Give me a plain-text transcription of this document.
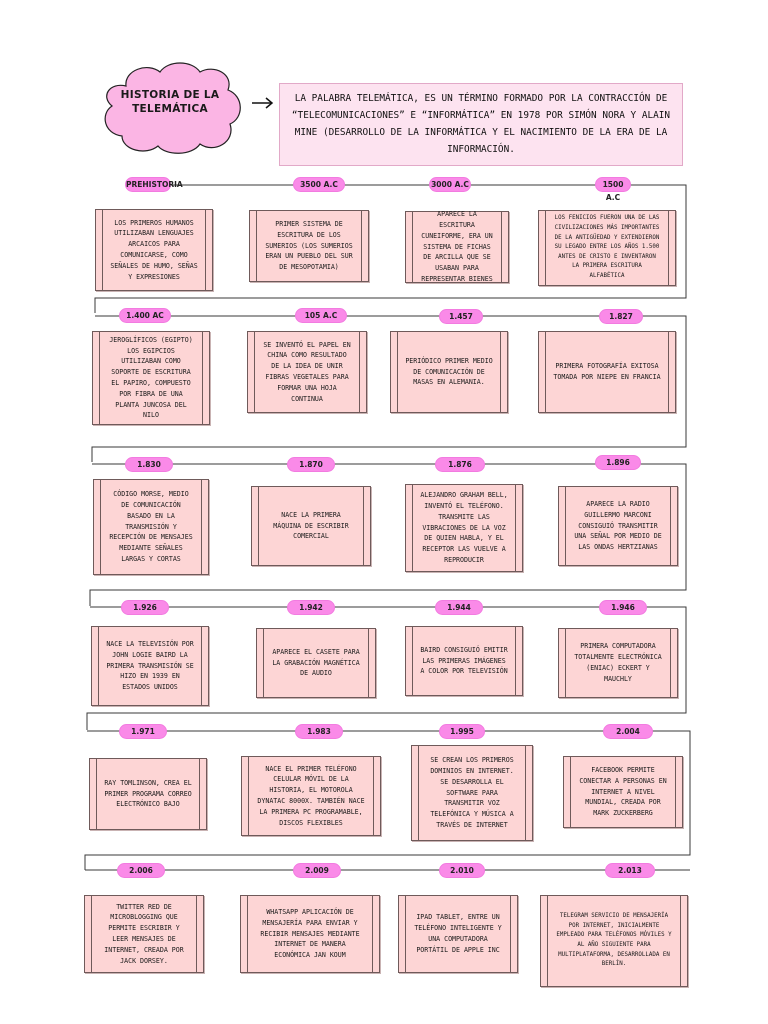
HISTORIA DE LA TELEMÁTICA
LA PALABRA TELEMÁTICA, ES UN TÉRMINO FORMADO POR LA CONTRACCIÓN DE “TELECOMUNICACIONES” E “INFORMÁTICA” EN 1978 POR SIMÓN NORA Y ALAIN MINE (DESARROLLO DE LA INFORMÁTICA Y EL NACIMIENTO DE LA ERA DE LA INFORMACIÓN.
PREHISTORIA	3500 A.C	3000 A.C	1500 A.C
LOS PRIMEROS HUMANOS UTILIZABAN LENGUAJES ARCAICOS PARA COMUNICARSE, COMO SEÑALES DE HUMO, SEÑAS Y EXPRESIONES
PRIMER SISTEMA DE ESCRITURA DE LOS SUMERIOS (LOS SUMERIOS ERAN UN PUEBLO DEL SUR DE MESOPOTAMIA)
APARECE LA ESCRITURA CUNEIFORME, ERA UN SISTEMA DE FICHAS DE ARCILLA QUE SE USABAN PARA REPRESENTAR BIENES
LOS FENICIOS FUERON UNA DE LAS CIVILIZACIONES MÁS IMPORTANTES DE LA ANTIGÜEDAD Y EXTENDIERON SU LEGADO ENTRE LOS AÑOS 1.500 ANTES DE CRISTO E INVENTARON LA PRIMERA ESCRITURA ALFABÉTICA
1.400 AC	105 A.C	1.457	1.827
JEROGLÍFICOS (EGIPTO) LOS EGIPCIOS UTILIZABAN COMO SOPORTE DE ESCRITURA EL PAPIRO, COMPUESTO POR FIBRA DE UNA PLANTA JUNCOSA DEL NILO
SE INVENTÓ EL PAPEL EN CHINA COMO RESULTADO DE LA IDEA DE UNIR FIBRAS VEGETALES PARA FORMAR UNA HOJA CONTINUA
PERIÓDICO PRIMER MEDIO DE COMUNICACIÓN DE MASAS EN ALEMANIA.
PRIMERA FOTOGRAFÍA EXITOSA TOMADA POR NIEPE EN FRANCIA
1.830	1.870	1.876	1.896
CÓDIGO MORSE, MEDIO DE COMUNICACIÓN BASADO EN LA TRANSMISIÓN Y RECEPCIÓN DE MENSAJES MEDIANTE SEÑALES LARGAS Y CORTAS
NACE LA PRIMERA MÁQUINA DE ESCRIBIR COMERCIAL
ALEJANDRO GRAHAM BELL, INVENTÓ EL TELÉFONO. TRANSMITE LAS VIBRACIONES DE LA VOZ DE QUIEN HABLA, Y EL RECEPTOR LAS VUELVE A REPRODUCIR
APARECE LA RADIO GUILLERMO MARCONI CONSIGUIÓ TRANSMITIR UNA SEÑAL POR MEDIO DE LAS ONDAS HERTZIANAS
1.926	1.942	1.944	1.946
NACE LA TELEVISIÓN POR JOHN LOGIE BAIRD LA PRIMERA TRANSMISIÓN SE HIZO EN 1939 EN ESTADOS UNIDOS
APARECE EL CASETE PARA LA GRABACIÓN MAGNÉTICA DE AUDIO
BAIRD CONSIGUIÓ EMITIR LAS PRIMERAS IMÁGENES A COLOR POR TELEVISIÓN
PRIMERA COMPUTADORA TOTALMENTE ELECTRÓNICA (ENIAC) ECKERT Y MAUCHLY
1.971	1.983	1.995	2.004
RAY TOMLINSON, CREA EL PRIMER PROGRAMA CORREO ELECTRÓNICO BAJO
NACE EL PRIMER TELÉFONO CELULAR MÓVIL DE LA HISTORIA, EL MOTOROLA DYNATAC 8000X. TAMBIÉN NACE LA PRIMERA PC PROGRAMABLE, DISCOS FLEXIBLES
SE CREAN LOS PRIMEROS DOMINIOS EN INTERNET. SE DESARROLLA EL SOFTWARE PARA TRANSMITIR VOZ TELEFÓNICA Y MÚSICA A TRAVÉS DE INTERNET
FACEBOOK PERMITE CONECTAR A PERSONAS EN INTERNET A NIVEL MUNDIAL, CREADA POR MARK ZUCKERBERG
2.006	2.009	2.010	2.013
TWITTER RED DE MICROBLOGGING QUE PERMITE ESCRIBIR Y LEER MENSAJES DE INTERNET, CREADA POR JACK DORSEY.
WHATSAPP APLICACIÓN DE MENSAJERÍA PARA ENVIAR Y RECIBIR MENSAJES MEDIANTE INTERNET DE MANERA ECONÓMICA JAN KOUM
IPAD TABLET, ENTRE UN TELÉFONO INTELIGENTE Y UNA COMPUTADORA PORTÁTIL DE APPLE INC
TELEGRAM SERVICIO DE MENSAJERÍA POR INTERNET, INICIALMENTE EMPLEADO PARA TELÉFONOS MÓVILES Y AL AÑO SIGUIENTE PARA MULTIPLATAFORMA, DESARROLLADA EN BERLÍN.
